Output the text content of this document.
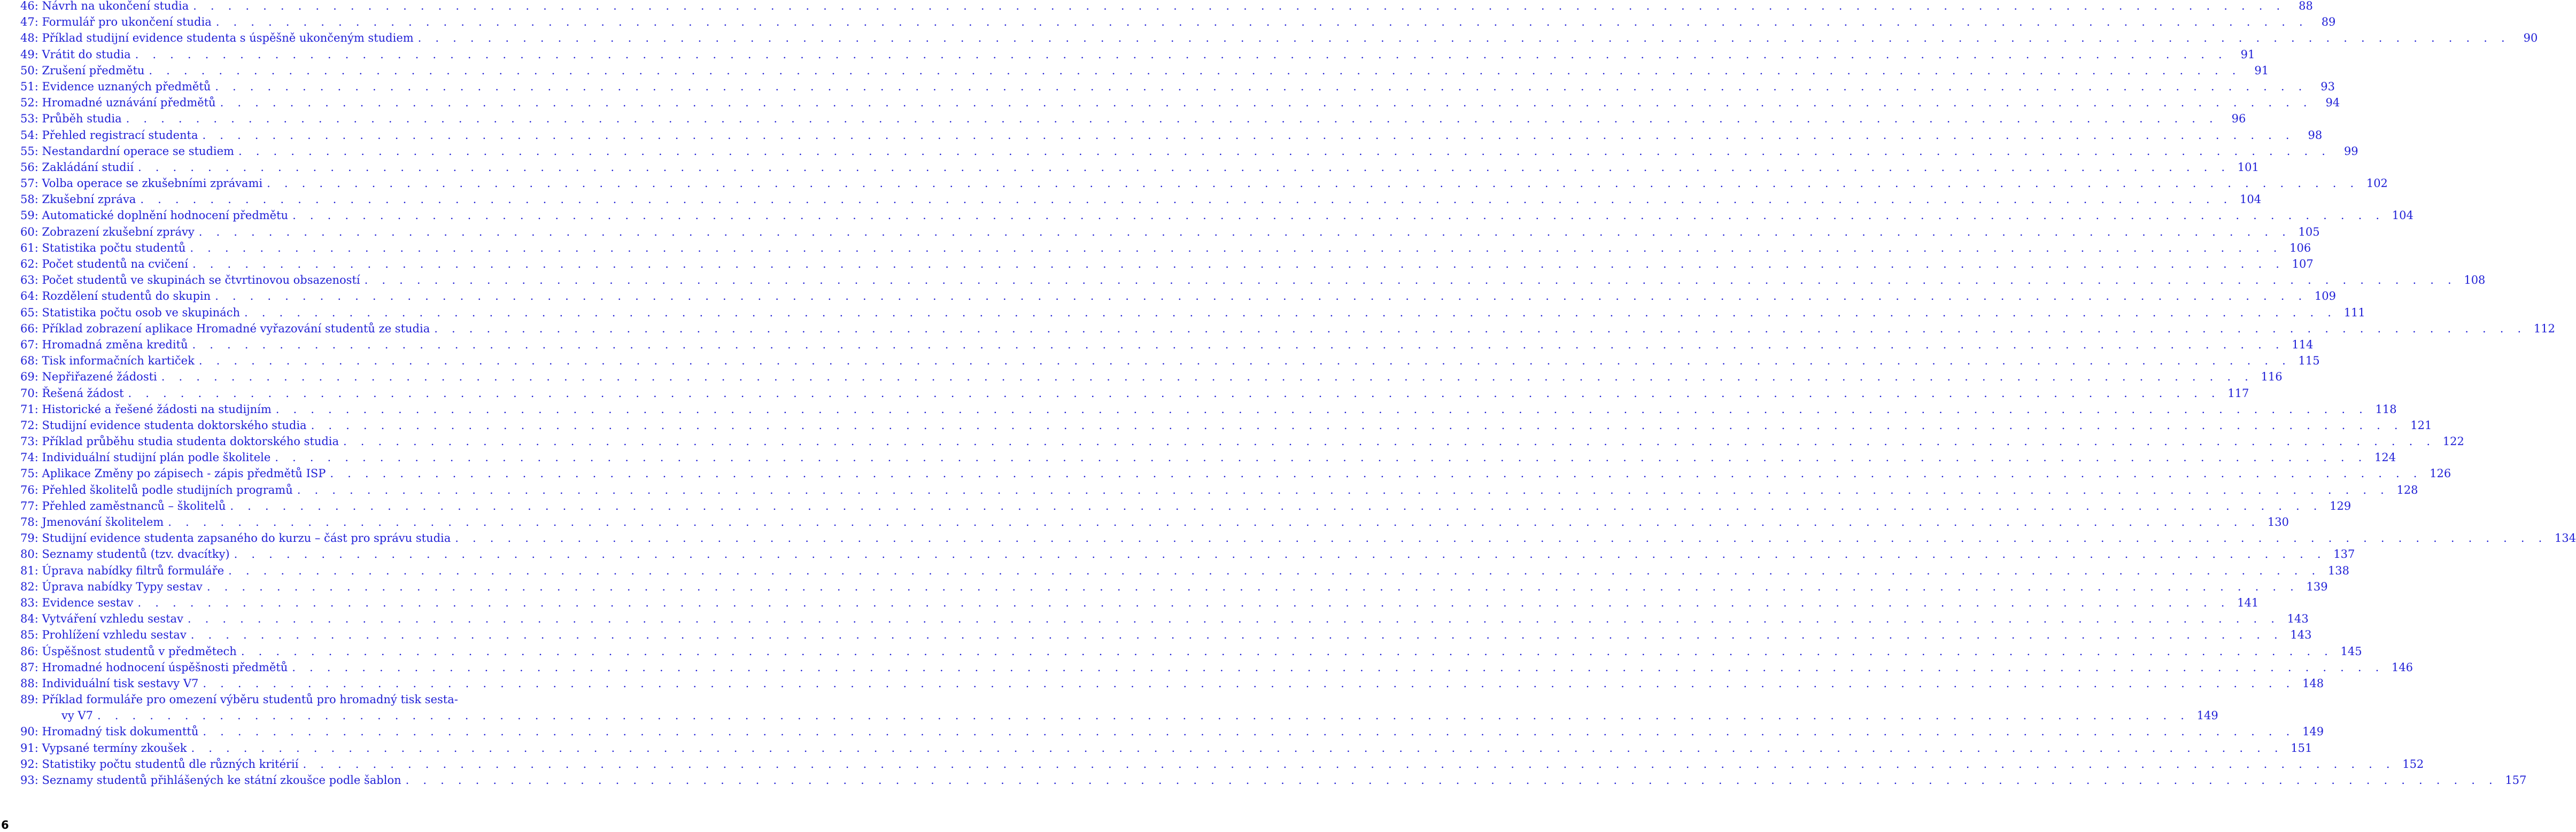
46: Návrh na ukončení studia . . . . . . . . . . . . . . . . . . . . . . . . . . . . . . . . . . . . . . . . . . . . . . . . . . . . . . . . . . . . . . . . . . . . . . . . . . . . . . . . . . . . . . . . . . . . . . . . . . . . . . . . . . . . . . . . . . . . . . . .	88
47: Formulář pro ukončení studia . . . . . . . . . . . . . . . . . . . . . . . . . . . . . . . . . . . . . . . . . . . . . . . . . . . . . . . . . . . . . . . . . . . . . . . . . . . . . . . . . . . . . . . . . . . . . . . . . . . . . . . . . . . . . . . . . . . . . . . .	89
48: Příklad studijní evidence studenta s úspěšně ukončeným studiem . . . . . . . . . . . . . . . . . . . . . . . . . . . . . . . . . . . . . . . . . . . . . . . . . . . . . . . . . . . . . . . . . . . . . . . . . . . . . . . . . . . . . . . . . . . . . . . . . . . . . . . . . . . . . . . . . . . . . . . .	90
49: Vrátit do studia . . . . . . . . . . . . . . . . . . . . . . . . . . . . . . . . . . . . . . . . . . . . . . . . . . . . . . . . . . . . . . . . . . . . . . . . . . . . . . . . . . . . . . . . . . . . . . . . . . . . . . . . . . . . . . . . . . . . . . . .	91
50: Zrušení předmětu . . . . . . . . . . . . . . . . . . . . . . . . . . . . . . . . . . . . . . . . . . . . . . . . . . . . . . . . . . . . . . . . . . . . . . . . . . . . . . . . . . . . . . . . . . . . . . . . . . . . . . . . . . . . . . . . . . . . . . . .	91
51: Evidence uznaných předmětů . . . . . . . . . . . . . . . . . . . . . . . . . . . . . . . . . . . . . . . . . . . . . . . . . . . . . . . . . . . . . . . . . . . . . . . . . . . . . . . . . . . . . . . . . . . . . . . . . . . . . . . . . . . . . . . . . . . . . . . .	93
52: Hromadné uznávání předmětů . . . . . . . . . . . . . . . . . . . . . . . . . . . . . . . . . . . . . . . . . . . . . . . . . . . . . . . . . . . . . . . . . . . . . . . . . . . . . . . . . . . . . . . . . . . . . . . . . . . . . . . . . . . . . . . . . . . . . . . .	94
53: Průběh studia . . . . . . . . . . . . . . . . . . . . . . . . . . . . . . . . . . . . . . . . . . . . . . . . . . . . . . . . . . . . . . . . . . . . . . . . . . . . . . . . . . . . . . . . . . . . . . . . . . . . . . . . . . . . . . . . . . . . . . . .	96
54: Přehled registrací studenta . . . . . . . . . . . . . . . . . . . . . . . . . . . . . . . . . . . . . . . . . . . . . . . . . . . . . . . . . . . . . . . . . . . . . . . . . . . . . . . . . . . . . . . . . . . . . . . . . . . . . . . . . . . . . . . . . . . . . . . .	98
55: Nestandardní operace se studiem . . . . . . . . . . . . . . . . . . . . . . . . . . . . . . . . . . . . . . . . . . . . . . . . . . . . . . . . . . . . . . . . . . . . . . . . . . . . . . . . . . . . . . . . . . . . . . . . . . . . . . . . . . . . . . . . . . . . . . . .	99
56: Zakládání studií . . . . . . . . . . . . . . . . . . . . . . . . . . . . . . . . . . . . . . . . . . . . . . . . . . . . . . . . . . . . . . . . . . . . . . . . . . . . . . . . . . . . . . . . . . . . . . . . . . . . . . . . . . . . . . . . . . . . . . . . 101
57: Volba operace se zkušebními zprávami . . . . . . . . . . . . . . . . . . . . . . . . . . . . . . . . . . . . . . . . . . . . . . . . . . . . . . . . . . . . . . . . . . . . . . . . . . . . . . . . . . . . . . . . . . . . . . . . . . . . . . . . . . . . . . . . . . . . . . . . 102
58: Zkušební zpráva . . . . . . . . . . . . . . . . . . . . . . . . . . . . . . . . . . . . . . . . . . . . . . . . . . . . . . . . . . . . . . . . . . . . . . . . . . . . . . . . . . . . . . . . . . . . . . . . . . . . . . . . . . . . . . . . . . . . . . . . 104
59: Automatické doplnění hodnocení předmětu . . . . . . . . . . . . . . . . . . . . . . . . . . . . . . . . . . . . . . . . . . . . . . . . . . . . . . . . . . . . . . . . . . . . . . . . . . . . . . . . . . . . . . . . . . . . . . . . . . . . . . . . . . . . . . . . . . . . . . . . 104
60: Zobrazení zkušební zprávy . . . . . . . . . . . . . . . . . . . . . . . . . . . . . . . . . . . . . . . . . . . . . . . . . . . . . . . . . . . . . . . . . . . . . . . . . . . . . . . . . . . . . . . . . . . . . . . . . . . . . . . . . . . . . . . . . . . . . . . . 105
61: Statistika počtu studentů . . . . . . . . . . . . . . . . . . . . . . . . . . . . . . . . . . . . . . . . . . . . . . . . . . . . . . . . . . . . . . . . . . . . . . . . . . . . . . . . . . . . . . . . . . . . . . . . . . . . . . . . . . . . . . . . . . . . . . . . 106
62: Počet studentů na cvičení . . . . . . . . . . . . . . . . . . . . . . . . . . . . . . . . . . . . . . . . . . . . . . . . . . . . . . . . . . . . . . . . . . . . . . . . . . . . . . . . . . . . . . . . . . . . . . . . . . . . . . . . . . . . . . . . . . . . . . . . 107
63: Počet studentů ve skupinách se čtvrtinovou obsazeností . . . . . . . . . . . . . . . . . . . . . . . . . . . . . . . . . . . . . . . . . . . . . . . . . . . . . . . . . . . . . . . . . . . . . . . . . . . . . . . . . . . . . . . . . . . . . . . . . . . . . . . . . . . . . . . . . . . . . . . . 108
64: Rozdělení studentů do skupin . . . . . . . . . . . . . . . . . . . . . . . . . . . . . . . . . . . . . . . . . . . . . . . . . . . . . . . . . . . . . . . . . . . . . . . . . . . . . . . . . . . . . . . . . . . . . . . . . . . . . . . . . . . . . . . . . . . . . . . . 109
65: Statistika počtu osob ve skupinách . . . . . . . . . . . . . . . . . . . . . . . . . . . . . . . . . . . . . . . . . . . . . . . . . . . . . . . . . . . . . . . . . . . . . . . . . . . . . . . . . . . . . . . . . . . . . . . . . . . . . . . . . . . . . . . . . . . . . . . . 111
66: Příklad zobrazení aplikace Hromadné vyřazování studentů ze studia . . . . . . . . . . . . . . . . . . . . . . . . . . . . . . . . . . . . . . . . . . . . . . . . . . . . . . . . . . . . . . . . . . . . . . . . . . . . . . . . . . . . . . . . . . . . . . . . . . . . . . . . . . . . . . . . . . . . . . . . 112
67: Hromadná změna kreditů . . . . . . . . . . . . . . . . . . . . . . . . . . . . . . . . . . . . . . . . . . . . . . . . . . . . . . . . . . . . . . . . . . . . . . . . . . . . . . . . . . . . . . . . . . . . . . . . . . . . . . . . . . . . . . . . . . . . . . . . 114
68: Tisk informačních kartiček . . . . . . . . . . . . . . . . . . . . . . . . . . . . . . . . . . . . . . . . . . . . . . . . . . . . . . . . . . . . . . . . . . . . . . . . . . . . . . . . . . . . . . . . . . . . . . . . . . . . . . . . . . . . . . . . . . . . . . . . 115
69: Nepřiřazené žádosti . . . . . . . . . . . . . . . . . . . . . . . . . . . . . . . . . . . . . . . . . . . . . . . . . . . . . . . . . . . . . . . . . . . . . . . . . . . . . . . . . . . . . . . . . . . . . . . . . . . . . . . . . . . . . . . . . . . . . . . . 116
70: Řešená žádost . . . . . . . . . . . . . . . . . . . . . . . . . . . . . . . . . . . . . . . . . . . . . . . . . . . . . . . . . . . . . . . . . . . . . . . . . . . . . . . . . . . . . . . . . . . . . . . . . . . . . . . . . . . . . . . . . . . . . . . . 117
71: Historické a řešené žádosti na studijním . . . . . . . . . . . . . . . . . . . . . . . . . . . . . . . . . . . . . . . . . . . . . . . . . . . . . . . . . . . . . . . . . . . . . . . . . . . . . . . . . . . . . . . . . . . . . . . . . . . . . . . . . . . . . . . . . . . . . . . . 118
72: Studijní evidence studenta doktorského studia . . . . . . . . . . . . . . . . . . . . . . . . . . . . . . . . . . . . . . . . . . . . . . . . . . . . . . . . . . . . . . . . . . . . . . . . . . . . . . . . . . . . . . . . . . . . . . . . . . . . . . . . . . . . . . . . . . . . . . . . 121
73: Příklad průběhu studia studenta doktorského studia . . . . . . . . . . . . . . . . . . . . . . . . . . . . . . . . . . . . . . . . . . . . . . . . . . . . . . . . . . . . . . . . . . . . . . . . . . . . . . . . . . . . . . . . . . . . . . . . . . . . . . . . . . . . . . . . . . . . . . . . 122
74: Individuální studijní plán podle školitele . . . . . . . . . . . . . . . . . . . . . . . . . . . . . . . . . . . . . . . . . . . . . . . . . . . . . . . . . . . . . . . . . . . . . . . . . . . . . . . . . . . . . . . . . . . . . . . . . . . . . . . . . . . . . . . . . . . . . . . . 124
75: Aplikace Změny po zápisech - zápis předmětů ISP . . . . . . . . . . . . . . . . . . . . . . . . . . . . . . . . . . . . . . . . . . . . . . . . . . . . . . . . . . . . . . . . . . . . . . . . . . . . . . . . . . . . . . . . . . . . . . . . . . . . . . . . . . . . . . . . . . . . . . . . 126
76: Přehled školitelů podle studijních programů . . . . . . . . . . . . . . . . . . . . . . . . . . . . . . . . . . . . . . . . . . . . . . . . . . . . . . . . . . . . . . . . . . . . . . . . . . . . . . . . . . . . . . . . . . . . . . . . . . . . . . . . . . . . . . . . . . . . . . . . 128
77: Přehled zaměstnanců – školitelů . . . . . . . . . . . . . . . . . . . . . . . . . . . . . . . . . . . . . . . . . . . . . . . . . . . . . . . . . . . . . . . . . . . . . . . . . . . . . . . . . . . . . . . . . . . . . . . . . . . . . . . . . . . . . . . . . . . . . . . . 129
78: Jmenování školitelem . . . . . . . . . . . . . . . . . . . . . . . . . . . . . . . . . . . . . . . . . . . . . . . . . . . . . . . . . . . . . . . . . . . . . . . . . . . . . . . . . . . . . . . . . . . . . . . . . . . . . . . . . . . . . . . . . . . . . . . . 130
79: Studijní evidence studenta zapsaného do kurzu – část pro správu studia . . . . . . . . . . . . . . . . . . . . . . . . . . . . . . . . . . . . . . . . . . . . . . . . . . . . . . . . . . . . . . . . . . . . . . . . . . . . . . . . . . . . . . . . . . . . . . . . . . . . . . . . . . . . . . . . . . . . . . . . 134
80: Seznamy studentů (tzv. dvacítky) . . . . . . . . . . . . . . . . . . . . . . . . . . . . . . . . . . . . . . . . . . . . . . . . . . . . . . . . . . . . . . . . . . . . . . . . . . . . . . . . . . . . . . . . . . . . . . . . . . . . . . . . . . . . . . . . . . . . . . . . 137
81: Úprava nabídky filtrů formuláře . . . . . . . . . . . . . . . . . . . . . . . . . . . . . . . . . . . . . . . . . . . . . . . . . . . . . . . . . . . . . . . . . . . . . . . . . . . . . . . . . . . . . . . . . . . . . . . . . . . . . . . . . . . . . . . . . . . . . . . . 138
82: Úprava nabídky Typy sestav . . . . . . . . . . . . . . . . . . . . . . . . . . . . . . . . . . . . . . . . . . . . . . . . . . . . . . . . . . . . . . . . . . . . . . . . . . . . . . . . . . . . . . . . . . . . . . . . . . . . . . . . . . . . . . . . . . . . . . . . 139
83: Evidence sestav . . . . . . . . . . . . . . . . . . . . . . . . . . . . . . . . . . . . . . . . . . . . . . . . . . . . . . . . . . . . . . . . . . . . . . . . . . . . . . . . . . . . . . . . . . . . . . . . . . . . . . . . . . . . . . . . . . . . . . . . 141
84: Vytváření vzhledu sestav . . . . . . . . . . . . . . . . . . . . . . . . . . . . . . . . . . . . . . . . . . . . . . . . . . . . . . . . . . . . . . . . . . . . . . . . . . . . . . . . . . . . . . . . . . . . . . . . . . . . . . . . . . . . . . . . . . . . . . . . 143
85: Prohlížení vzhledu sestav . . . . . . . . . . . . . . . . . . . . . . . . . . . . . . . . . . . . . . . . . . . . . . . . . . . . . . . . . . . . . . . . . . . . . . . . . . . . . . . . . . . . . . . . . . . . . . . . . . . . . . . . . . . . . . . . . . . . . . . . 143
86: Úspěšnost studentů v předmětech . . . . . . . . . . . . . . . . . . . . . . . . . . . . . . . . . . . . . . . . . . . . . . . . . . . . . . . . . . . . . . . . . . . . . . . . . . . . . . . . . . . . . . . . . . . . . . . . . . . . . . . . . . . . . . . . . . . . . . . . 145
87: Hromadné hodnocení úspěšnosti předmětů . . . . . . . . . . . . . . . . . . . . . . . . . . . . . . . . . . . . . . . . . . . . . . . . . . . . . . . . . . . . . . . . . . . . . . . . . . . . . . . . . . . . . . . . . . . . . . . . . . . . . . . . . . . . . . . . . . . . . . . . 146
88: Individuální tisk sestavy V7 . . . . . . . . . . . . . . . . . . . . . . . . . . . . . . . . . . . . . . . . . . . . . . . . . . . . . . . . . . . . . . . . . . . . . . . . . . . . . . . . . . . . . . . . . . . . . . . . . . . . . . . . . . . . . . . . . . . . . . . . 148
89: Příklad formuláře pro omezení výběru studentů pro hromadný tisk sesta-
vy V7 . . . . . . . . . . . . . . . . . . . . . . . . . . . . . . . . . . . . . . . . . . . . . . . . . . . . . . . . . . . . . . . . . . . . . . . . . . . . . . . . . . . . . . . . . . . . . . . . . . . . . . . . . . . . . . . . . . . . . . . . 149
90: Hromadný tisk dokumenttů . . . . . . . . . . . . . . . . . . . . . . . . . . . . . . . . . . . . . . . . . . . . . . . . . . . . . . . . . . . . . . . . . . . . . . . . . . . . . . . . . . . . . . . . . . . . . . . . . . . . . . . . . . . . . . . . . . . . . . . . 149
91: Vypsané termíny zkoušek . . . . . . . . . . . . . . . . . . . . . . . . . . . . . . . . . . . . . . . . . . . . . . . . . . . . . . . . . . . . . . . . . . . . . . . . . . . . . . . . . . . . . . . . . . . . . . . . . . . . . . . . . . . . . . . . . . . . . . . . 151
92: Statistiky počtu studentů dle různých kritérií . . . . . . . . . . . . . . . . . . . . . . . . . . . . . . . . . . . . . . . . . . . . . . . . . . . . . . . . . . . . . . . . . . . . . . . . . . . . . . . . . . . . . . . . . . . . . . . . . . . . . . . . . . . . . . . . . . . . . . . . 152
93: Seznamy studentů přihlášených ke státní zkoušce podle šablon . . . . . . . . . . . . . . . . . . . . . . . . . . . . . . . . . . . . . . . . . . . . . . . . . . . . . . . . . . . . . . . . . . . . . . . . . . . . . . . . . . . . . . . . . . . . . . . . . . . . . . . . . . . . . . . . . . . . . . . . 157
6
